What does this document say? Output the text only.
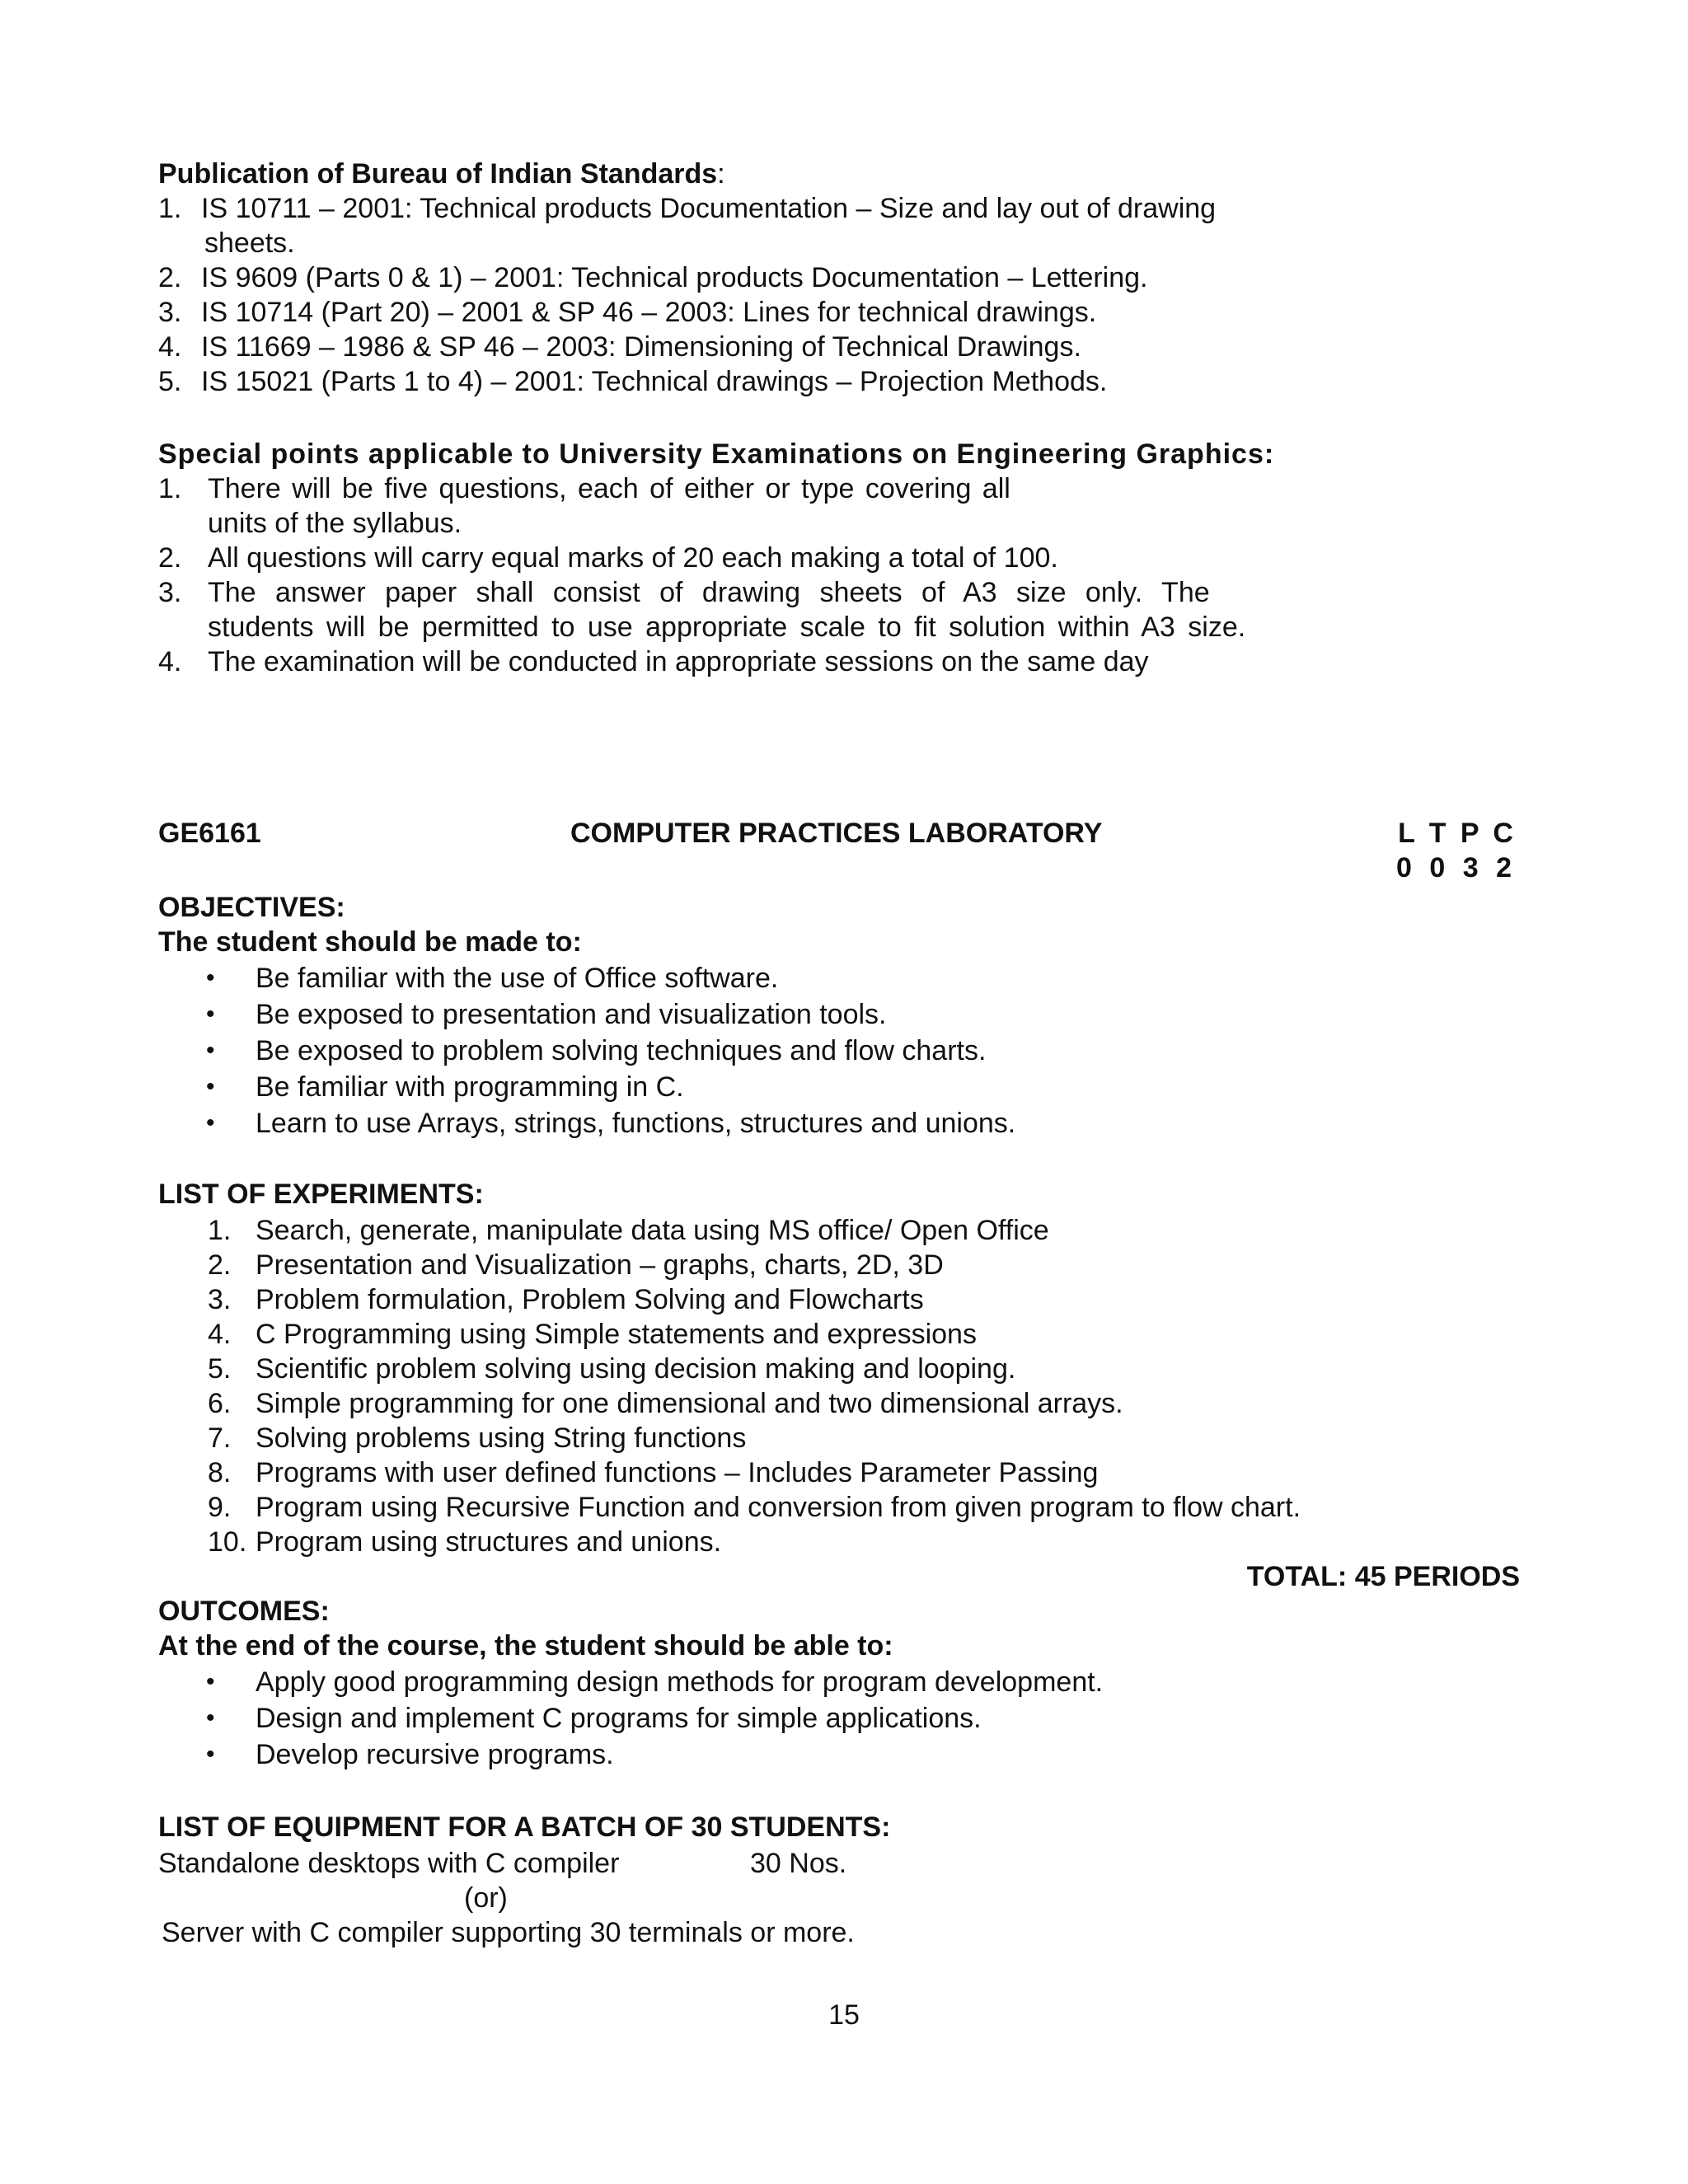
Publication of Bureau of Indian Standards:
1. IS 10711 – 2001: Technical products Documentation – Size and lay out of drawing
sheets.
2. IS 9609 (Parts 0 & 1) – 2001: Technical products Documentation – Lettering.
3. IS 10714 (Part 20) – 2001 & SP 46 – 2003: Lines for technical drawings.
4. IS 11669 – 1986 & SP 46 – 2003: Dimensioning of Technical Drawings.
5. IS 15021 (Parts 1 to 4) – 2001: Technical drawings – Projection Methods.
Special points applicable to University Examinations on Engineering Graphics:
1. There will be five questions, each of either or type covering all
units of the syllabus.
2. All questions will carry equal marks of 20 each making a total of 100.
3. The answer paper shall consist of drawing sheets of A3 size only. The
students will be permitted to use appropriate scale to fit solution within A3 size.
4. The examination will be conducted in appropriate sessions on the same day
GE6161	COMPUTER PRACTICES LABORATORY	L T P C
0 0 3 2
OBJECTIVES:
The student should be made to:
• Be familiar with the use of Office software.
• Be exposed to presentation and visualization tools.
• Be exposed to problem solving techniques and flow charts.
• Be familiar with programming in C.
• Learn to use Arrays, strings, functions, structures and unions.
LIST OF EXPERIMENTS:
1. Search, generate, manipulate data using MS office/ Open Office
2. Presentation and Visualization – graphs, charts, 2D, 3D
3. Problem formulation, Problem Solving and Flowcharts
4. C Programming using Simple statements and expressions
5. Scientific problem solving using decision making and looping.
6. Simple programming for one dimensional and two dimensional arrays.
7. Solving problems using String functions
8. Programs with user defined functions – Includes Parameter Passing
9. Program using Recursive Function and conversion from given program to flow chart.
10. Program using structures and unions.
TOTAL: 45 PERIODS
OUTCOMES:
At the end of the course, the student should be able to:
• Apply good programming design methods for program development.
• Design and implement C programs for simple applications.
• Develop recursive programs.
LIST OF EQUIPMENT FOR A BATCH OF 30 STUDENTS:
Standalone desktops with C compiler	30 Nos.
(or)
Server with C compiler supporting 30 terminals or more.
15
